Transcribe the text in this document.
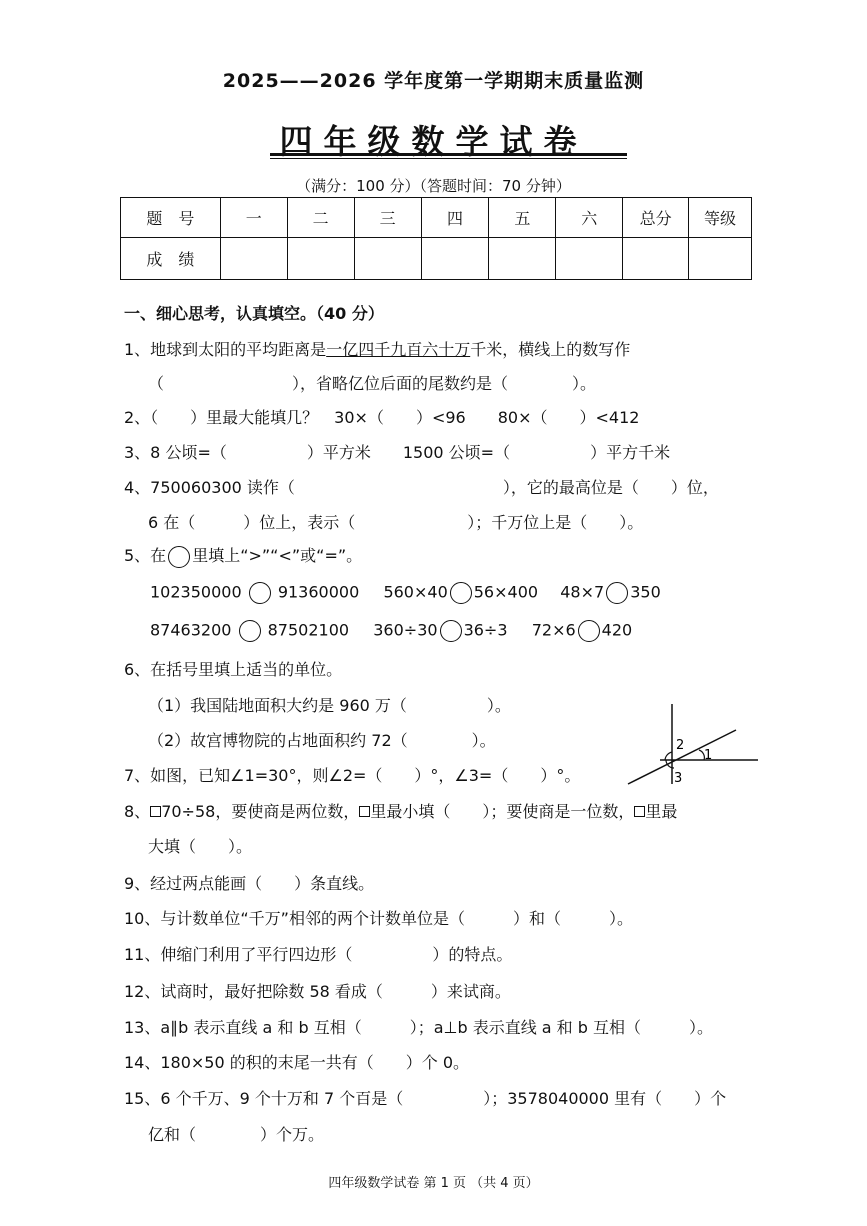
2025——2026 学年度第一学期期末质量监测
四年级数学试卷
（满分：100 分）（答题时间：70 分钟）
题　号	一	二	三	四	五	六	总分	等级
成　绩								
一、细心思考，认真填空。（40 分）
1、地球到太阳的平均距离是一亿四千九百六十万千米，横线上的数写作
（　　　　　　　　），省略亿位后面的尾数约是（　　　　）。
2、（　　）里最大能填几？　30×（　　）<96　　80×（　　）<412
3、8 公顷=（　　　　　）平方米　　1500 公顷=（　　　　　）平方千米
4、750060300 读作（　　　　　　　　　　　　　），它的最高位是（　　）位，
6 在（　　　）位上，表示（　　　　　　　）；千万位上是（　　）。
5、在 里填上“>”“<”或“=”。
102350000 91360000 560×40 56×400 48×7 350
87463200 87502100 360÷30 36÷3 72×6 420
6、在括号里填上适当的单位。
（1）我国陆地面积大约是 960 万（　　　　　）。
（2）故宫博物院的占地面积约 72（　　　　）。
7、如图，已知∠1=30°，则∠2=（　　）°，∠3=（　　）°。
1
2
3
8、 70÷58，要使商是两位数， 里最小填（　　）；要使商是一位数， 里最
大填（　　）。
9、经过两点能画（　　）条直线。
10、与计数单位“千万”相邻的两个计数单位是（　　　）和（　　　）。
11、伸缩门利用了平行四边形（　　　　　）的特点。
12、试商时，最好把除数 58 看成（　　　）来试商。
13、a∥b 表示直线 a 和 b 互相（　　　）；a⊥b 表示直线 a 和 b 互相（　　　）。
14、180×50 的积的末尾一共有（　　）个 0。
15、6 个千万、9 个十万和 7 个百是（　　　　　）；3578040000 里有（　　）个
亿和（　　　　）个万。
四年级数学试卷 第 1 页 （共 4 页）
